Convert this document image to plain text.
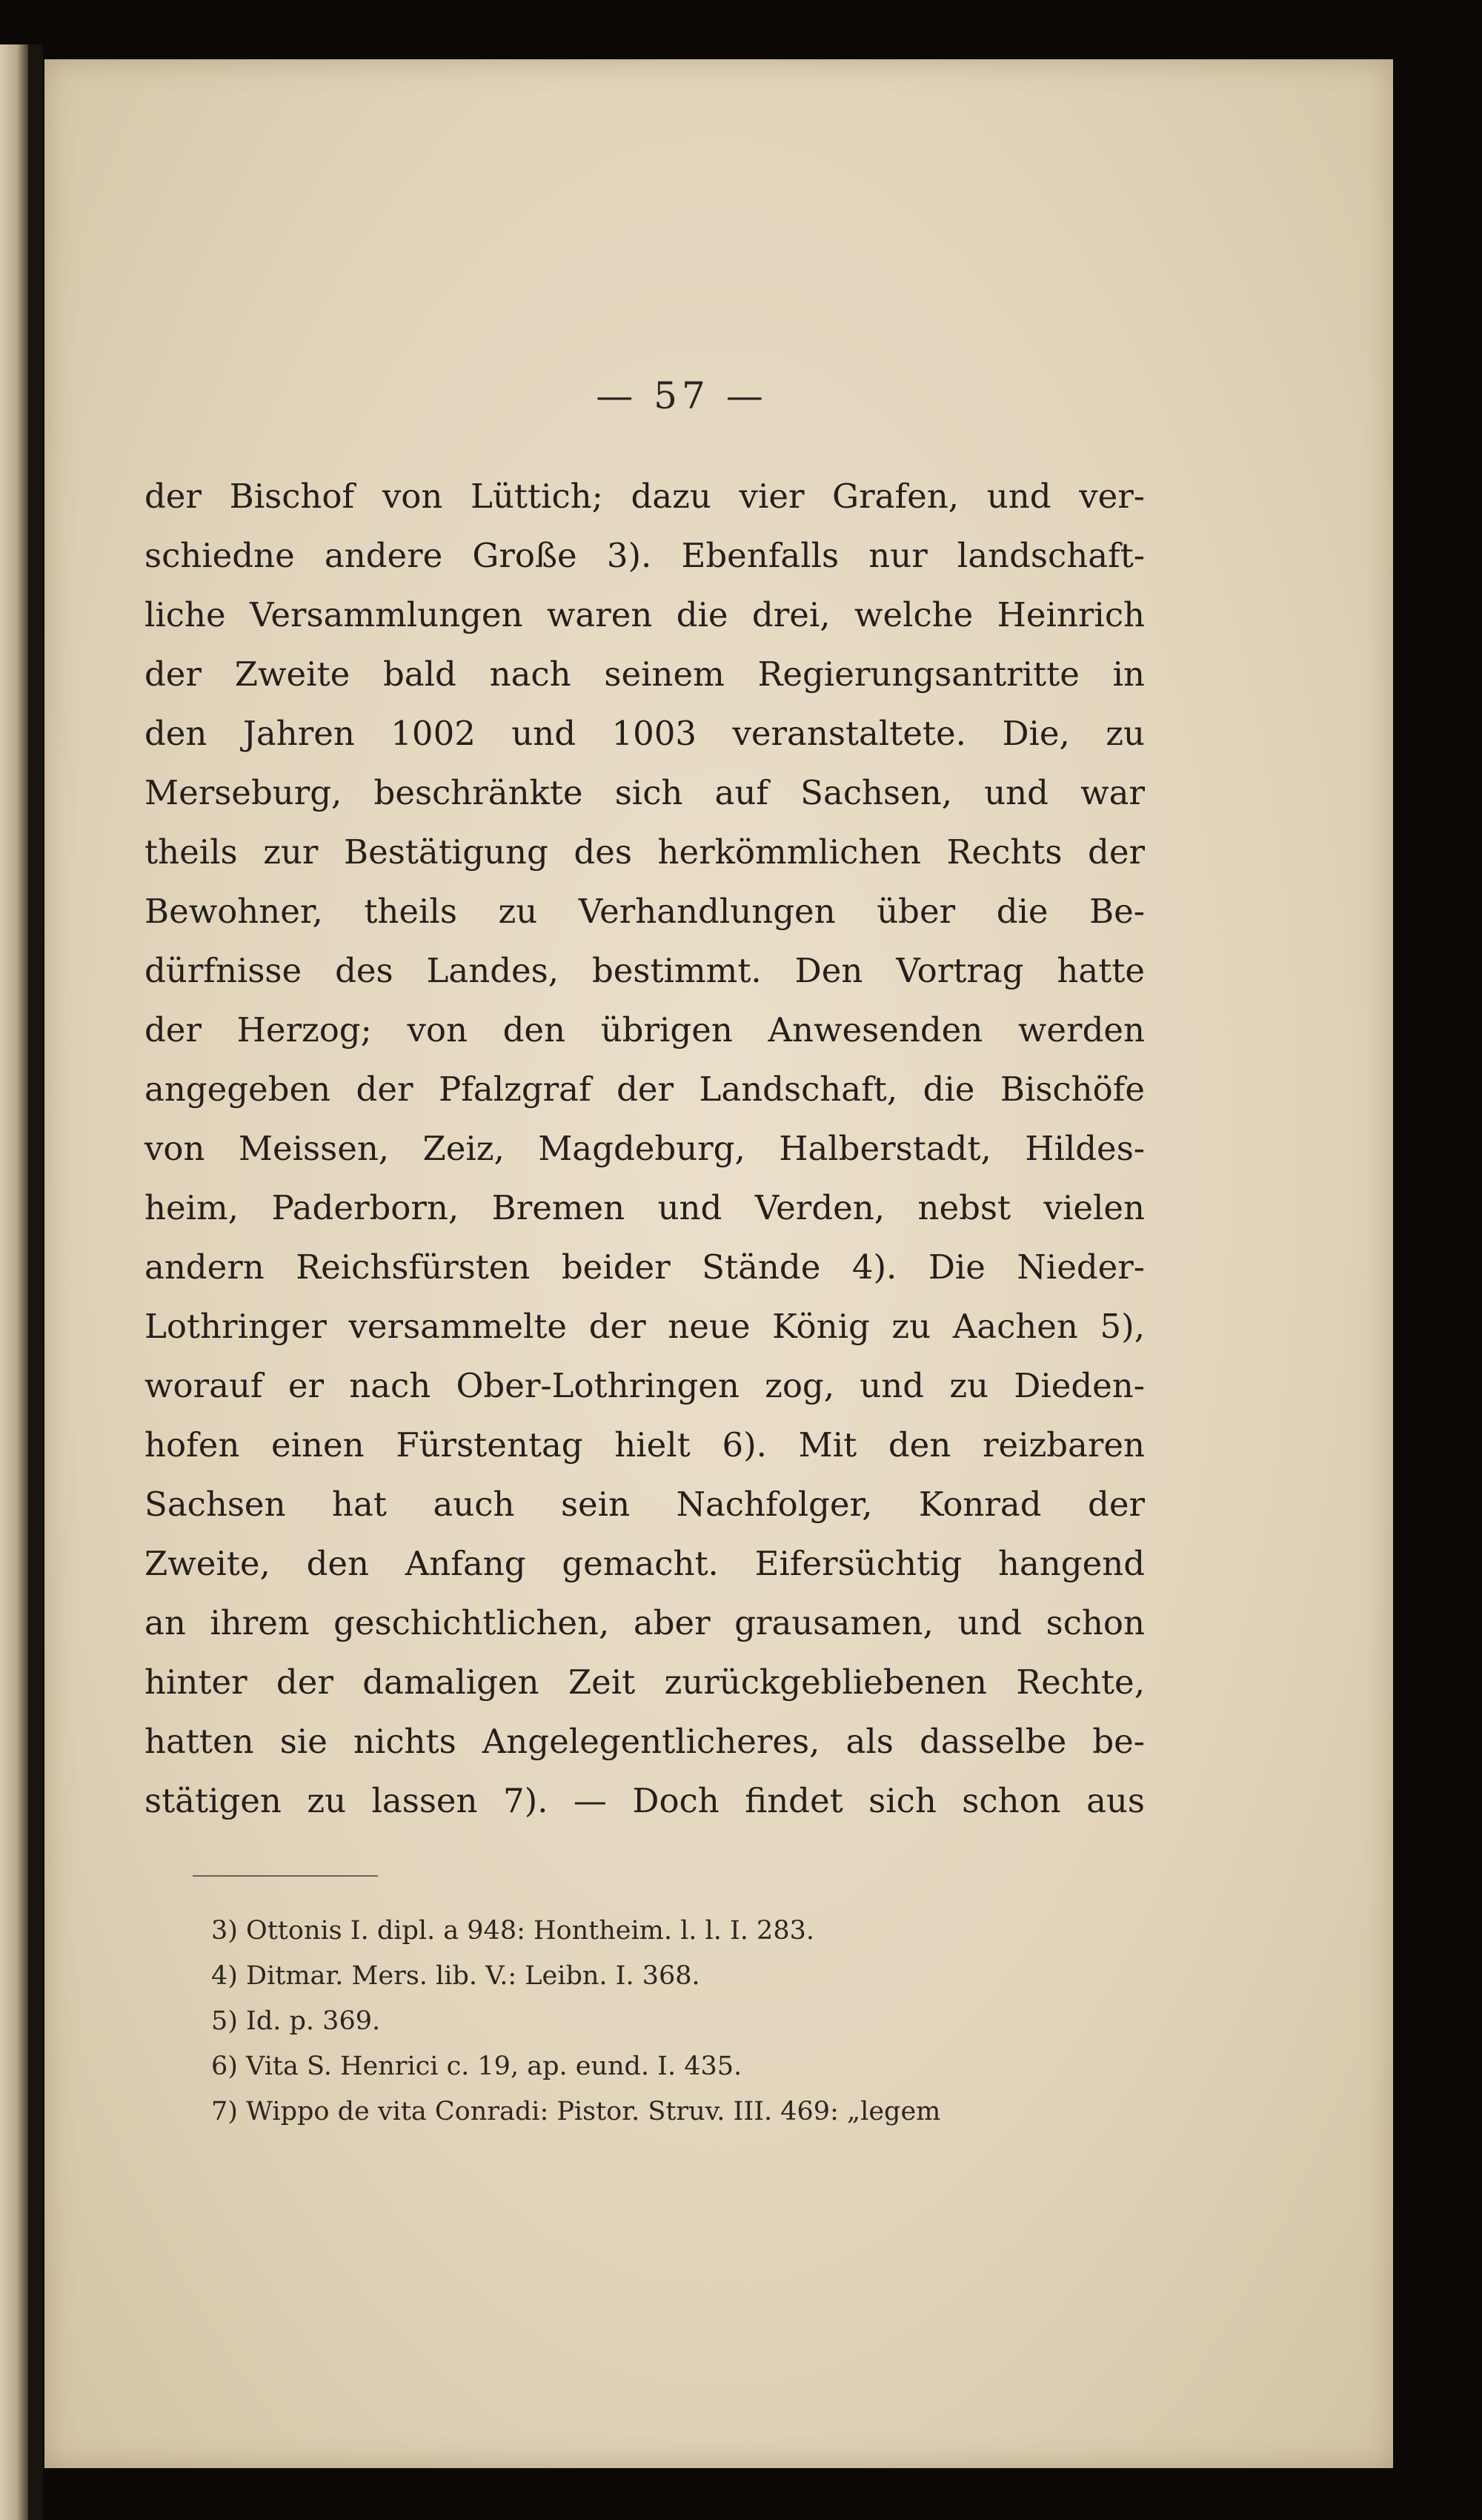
— 57 —
der Bischof von Lüttich; dazu vier Grafen, und ver-
schiedne andere Große 3). Ebenfalls nur landschaft-
liche Versammlungen waren die drei, welche Heinrich
der Zweite bald nach seinem Regierungsantritte in
den Jahren 1002 und 1003 veranstaltete. Die, zu
Merseburg, beschränkte sich auf Sachsen, und war
theils zur Bestätigung des herkömmlichen Rechts der
Bewohner, theils zu Verhandlungen über die Be-
dürfnisse des Landes, bestimmt. Den Vortrag hatte
der Herzog; von den übrigen Anwesenden werden
angegeben der Pfalzgraf der Landschaft, die Bischöfe
von Meissen, Zeiz, Magdeburg, Halberstadt, Hildes-
heim, Paderborn, Bremen und Verden, nebst vielen
andern Reichsfürsten beider Stände 4). Die Nieder-
Lothringer versammelte der neue König zu Aachen 5),
worauf er nach Ober-Lothringen zog, und zu Dieden-
hofen einen Fürstentag hielt 6). Mit den reizbaren
Sachsen hat auch sein Nachfolger, Konrad der
Zweite, den Anfang gemacht. Eifersüchtig hangend
an ihrem geschichtlichen, aber grausamen, und schon
hinter der damaligen Zeit zurückgebliebenen Rechte,
hatten sie nichts Angelegentlicheres, als dasselbe be-
stätigen zu lassen 7). — Doch findet sich schon aus
3) Ottonis I. dipl. a 948: Hontheim. l. l. I. 283.
4) Ditmar. Mers. lib. V.: Leibn. I. 368.
5) Id. p. 369.
6) Vita S. Henrici c. 19, ap. eund. I. 435.
7) Wippo de vita Conradi: Pistor. Struv. III. 469: „legem
